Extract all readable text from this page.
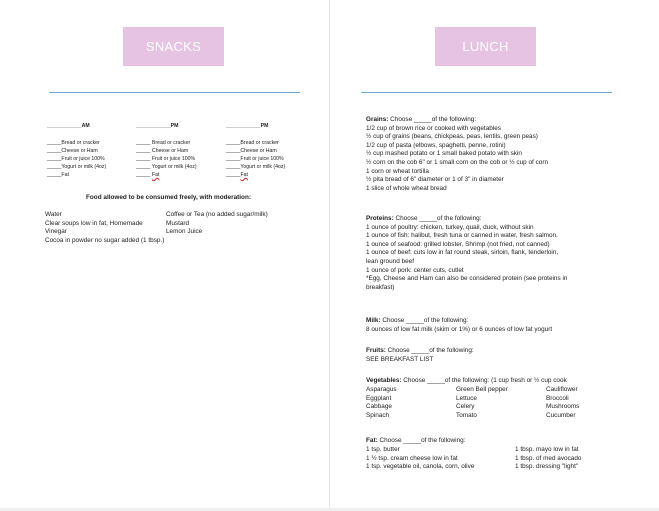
SNACKS
____________AM	____________PM	____________PM
_____Bread or cracker
_____Cheese or Ham
_____Fruit or juice 100%
_____Yogurt or milk (4oz)
_____Fat
_____ Bread or cracker
_____ Cheese or Ham
_____ Fruit or juice 100%
_____ Yogurt or milk (4oz)
_____ Fat
_____Bread or cracker
_____Cheese or Ham
_____Fruit or juice 100%
_____Yogurt or milk (4oz)
_____Fat
Food allowed to be consumed freely, with moderation:
Water
Clear soups low in fat, Homemade
Vinegar
Cocoa in powder no sugar added (1 tbsp.)
Coffee or Tea (no added sugar/milk)
Mustard
Lemon Juice
LUNCH
Grains: Choose _____of the following:
1/2 cup of brown rice or cooked with vegetables
½ cup of grains (beans, chickpeas, peas, lentils, green peas)
1/2 cup of pasta (elbows, spaghetti, penne, rotini)
½ cup mashed potato or 1 small baked potato with skin
½ corn on the cob 6" or 1 small corn on the cob or ½ cup of corn
1 corn or wheat tortilla
½ pita bread of 6" diameter or 1 of 3" in diameter
1 slice of whole wheat bread
Proteins: Choose _____of the following:
1 ounce of poultry: chicken, turkey, quail, duck, without skin
1 ounce of fish: halibut, fresh tuna or canned in water, fresh salmon.
1 ounce of seafood: grilled lobster, Shrimp (not fried, not canned)
1 ounce of beef: cuts low in fat round steak, sirloin, flank, tenderloin,
lean ground beef
1 ounce of pork: center cuts, cutlet
*Egg, Cheese and Ham can also be considered protein (see proteins in
breakfast)
Milk: Choose _____of the following:
8 ounces of low fat milk (skim or 1%) or 6 ounces of low fat yogurt
Fruits: Choose _____of the following:
SEE BREAKFAST LIST
Vegetables: Choose _____of the following: (1 cup fresh or ½ cup cook
Asparagus
Eggplant
Cabbage
Spinach
Green Bell pepper
Lettuce
Celery
Tomato
Cauliflower
Broccoli
Mushrooms
Cucumber
Fat: Choose _____of the following:
1 tsp. butter
1 ½ tsp. cream cheese low in fat
1 tsp. vegetable oil, canola, corn, olive
1 tbsp. mayo low in fat
1 tbsp. of med avocado
1 tbsp. dressing "light"
